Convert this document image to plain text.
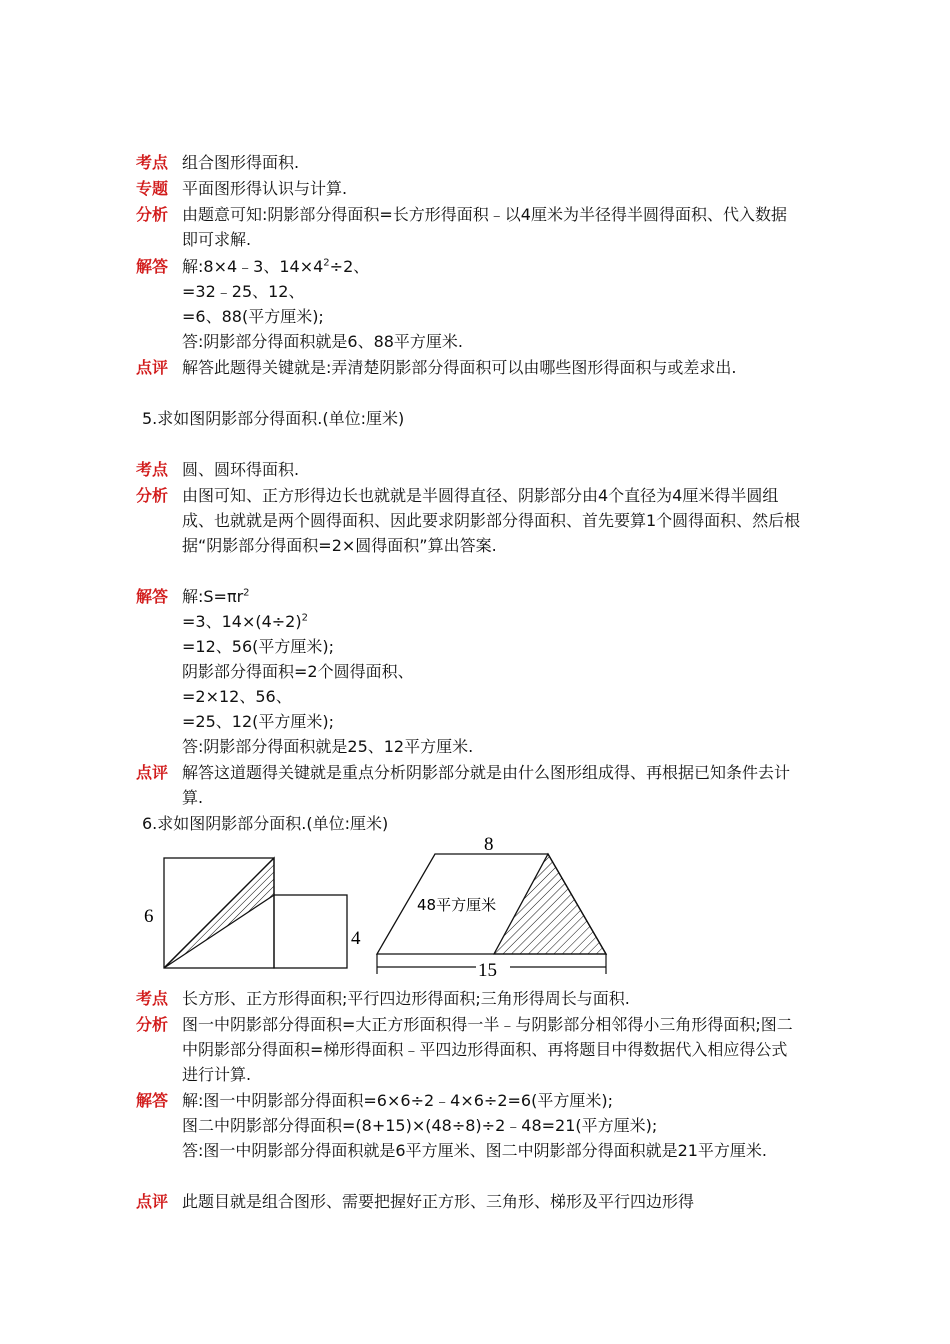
考点 组合图形得面积.
专题 平面图形得认识与计算.
分析 由题意可知:阴影部分得面积=长方形得面积﹣以4厘米为半径得半圆得面积、代入数据即可求解.
解答 解:8×4﹣3、$14\times 4^2\div 2$、
=32﹣25、12、
=6、88(平方厘米);
答:阴影部分得面积就是6、88平方厘米.
点评 解答此题得关键就是:弄清楚阴影部分得面积可以由哪些图形得面积与或差求出.
5.求如图阴影部分得面积.(单位:厘米)
考点 圆、圆环得面积.
分析 由图可知、正方形得边长也就就是半圆得直径、阴影部分由4个直径为4厘米得半圆组成、也就就是两个圆得面积、因此要求阴影部分得面积、首先要算1个圆得面积、然后根据“阴影部分得面积=2×圆得面积”算出答案.
解答 解$:S=\pi r^2$
=3、$14\times(4\div 2)^2$
=12、56(平方厘米);
阴影部分得面积=2个圆得面积、
=2×12、56、
=25、12(平方厘米);
答:阴影部分得面积就是25、12平方厘米.
点评 解答这道题得关键就是重点分析阴影部分就是由什么图形组成得、再根据已知条件去计算.
6.求如图阴影部分面积.(单位:厘米)
6
4
8
15
48平方厘米
考点 长方形、正方形得面积;平行四边形得面积;三角形得周长与面积.
分析 图一中阴影部分得面积=大正方形面积得一半﹣与阴影部分相邻得小三角形得面积;图二中阴影部分得面积=梯形得面积﹣平四边形得面积、再将题目中得数据代入相应得公式进行计算.
解答 解:图一中阴影部分得面积=6×6÷2﹣4×6÷2=6(平方厘米);
图二中阴影部分得面积=(8+15)×(48÷8)÷2﹣48=21(平方厘米);
答:图一中阴影部分得面积就是6平方厘米、图二中阴影部分得面积就是21平方厘米.
点评 此题目就是组合图形、需要把握好正方形、三角形、梯形及平行四边形得
